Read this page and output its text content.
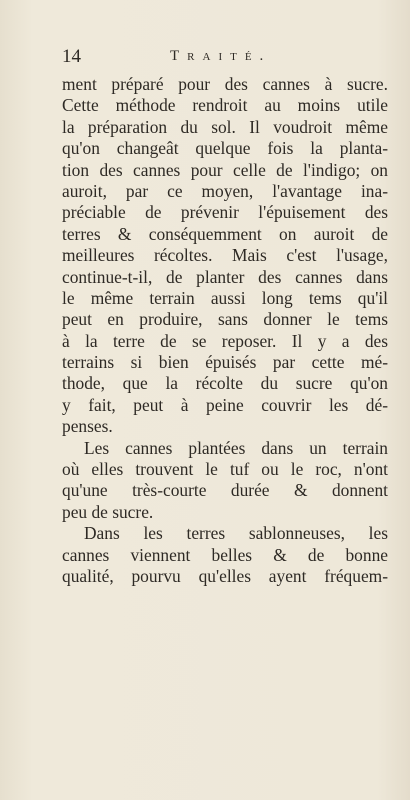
14	Traité.
ment préparé pour des cannes à sucre.
Cette méthode rendroit au moins utile
la préparation du sol. Il voudroit même
qu'on changeât quelque fois la planta-
tion des cannes pour celle de l'indigo; on
auroit, par ce moyen, l'avantage ina-
préciable de prévenir l'épuisement des
terres & conséquemment on auroit de
meilleures récoltes. Mais c'est l'usage,
continue-t-il, de planter des cannes dans
le même terrain aussi long tems qu'il
peut en produire, sans donner le tems
à la terre de se reposer. Il y a des
terrains si bien épuisés par cette mé-
thode, que la récolte du sucre qu'on
y fait, peut à peine couvrir les dé-
penses.
Les cannes plantées dans un terrain
où elles trouvent le tuf ou le roc, n'ont
qu'une très-courte durée & donnent
peu de sucre.
Dans les terres sablonneuses, les
cannes viennent belles & de bonne
qualité, pourvu qu'elles ayent fréquem-
